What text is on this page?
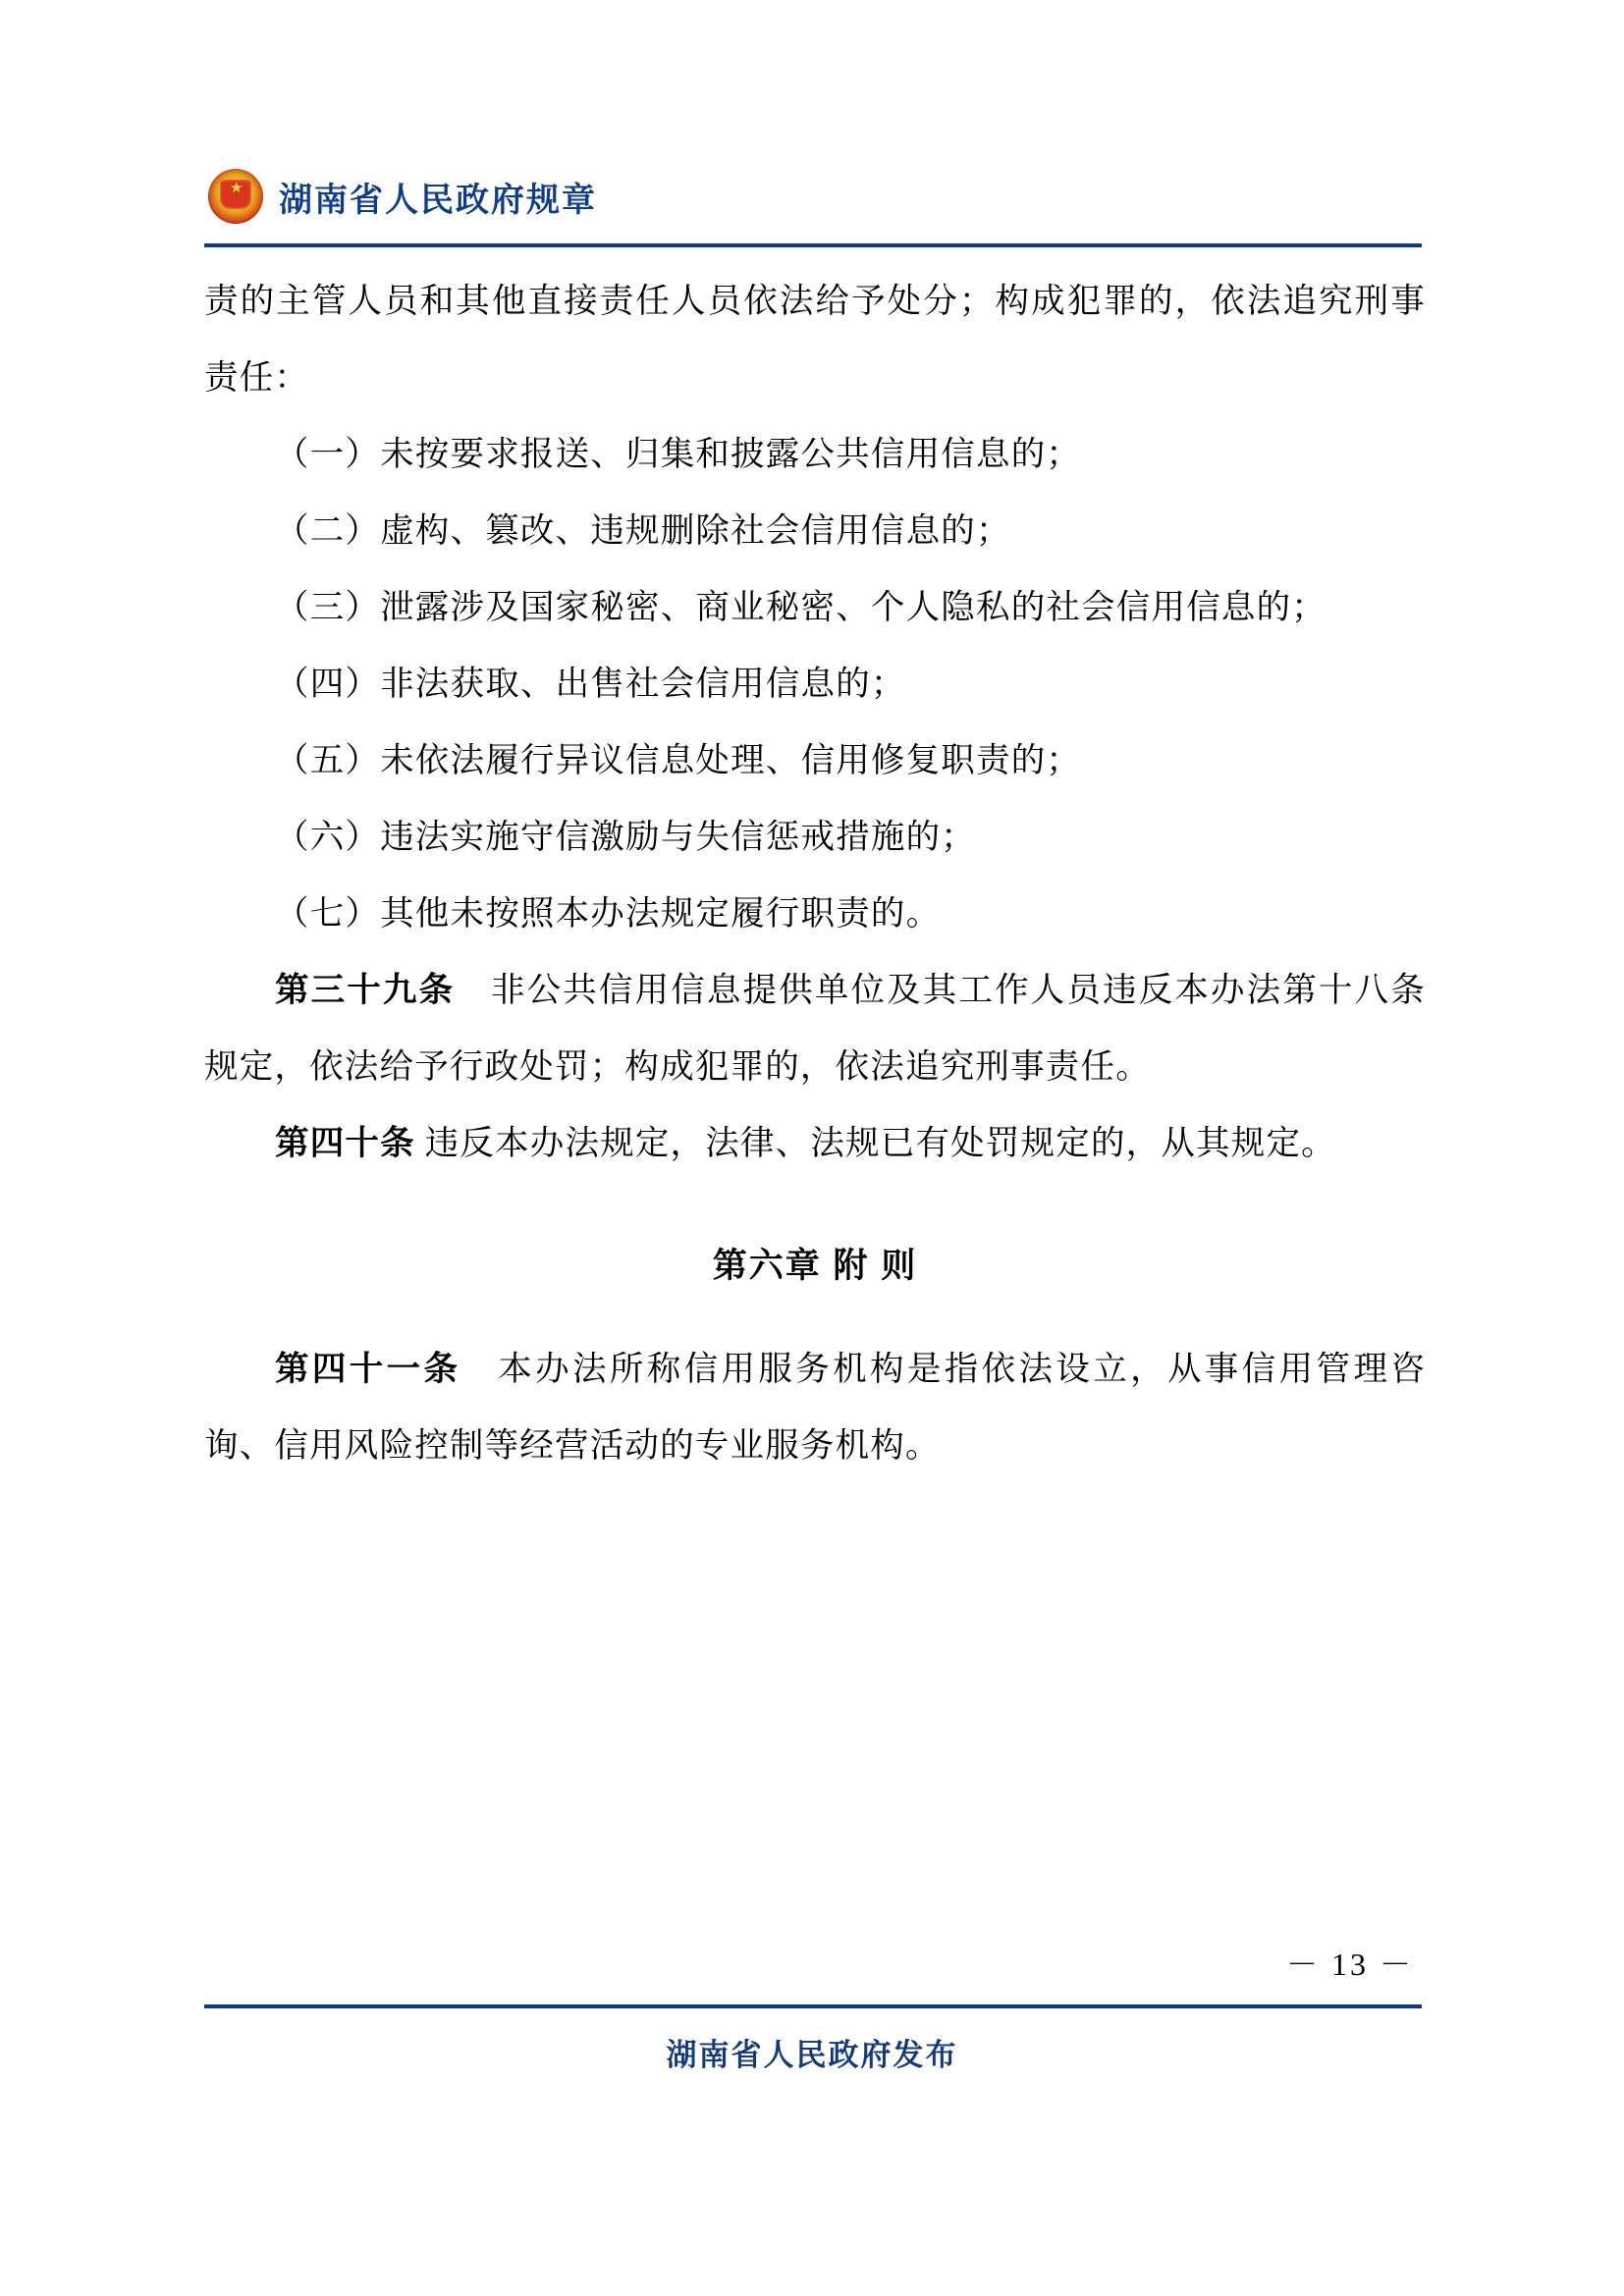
★ 湖南省人民政府规章

责的主管人员和其他直接责任人员依法给予处分；构成犯罪的，依法追究刑事责任：

（一）未按要求报送、归集和披露公共信用信息的；

（二）虚构、篡改、违规删除社会信用信息的；

（三）泄露涉及国家秘密、商业秘密、个人隐私的社会信用信息的；

（四）非法获取、出售社会信用信息的；

（五）未依法履行异议信息处理、信用修复职责的；

（六）违法实施守信激励与失信惩戒措施的；

（七）其他未按照本办法规定履行职责的。

第三十九条　 非公共信用信息提供单位及其工作人员违反本办法第十八条规定，依法给予行政处罚；构成犯罪的，依法追究刑事责任。

第四十条 违反本办法规定，法律、法规已有处罚规定的，从其规定。

第六章 附 则

第四十一条　 本办法所称信用服务机构是指依法设立，从事信用管理咨询、信用风险控制等经营活动的专业服务机构。

－ 13 －
湖南省人民政府发布
